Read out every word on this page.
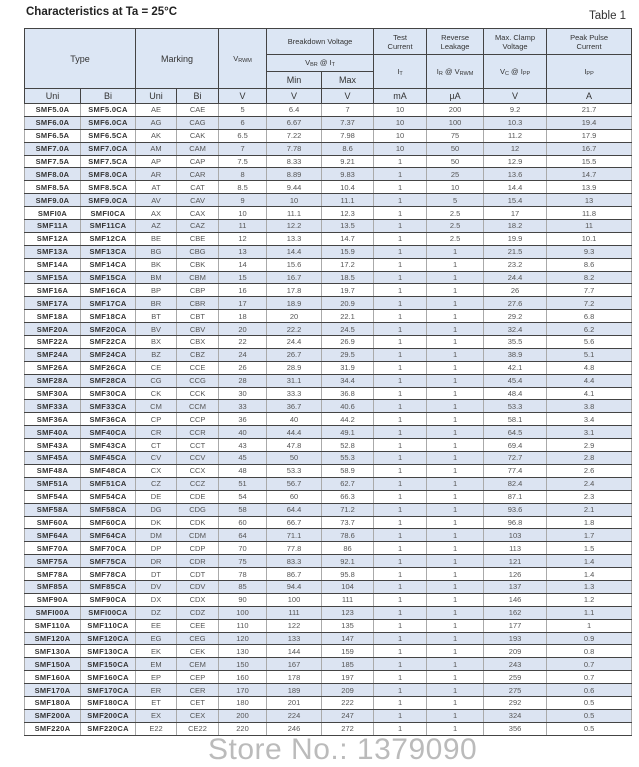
Characteristics at Ta = 25°C	Table 1
Type		Marking		$V_{RWM}$	Breakdown Voltage		Test Current	Reverse Leakage	Max. Clamp Voltage	Peak Pulse Current
					$V_{BR}$ @ $I_T$		$I_T$	$I_R$ @ $V_{RWM}$	$V_C$ @ $I_{PP}$	$I_{PP}$
					Min	Max				
Uni	Bi	Uni	Bi	V	V	V	mA	µA	V	A
SMF5.0A	SMF5.0CA	AE	CAE	5	6.4	7	10	200	9.2	21.7
SMF6.0A	SMF6.0CA	AG	CAG	6	6.67	7.37	10	100	10.3	19.4
SMF6.5A	SMF6.5CA	AK	CAK	6.5	7.22	7.98	10	75	11.2	17.9
SMF7.0A	SMF7.0CA	AM	CAM	7	7.78	8.6	10	50	12	16.7
SMF7.5A	SMF7.5CA	AP	CAP	7.5	8.33	9.21	1	50	12.9	15.5
SMF8.0A	SMF8.0CA	AR	CAR	8	8.89	9.83	1	25	13.6	14.7
SMF8.5A	SMF8.5CA	AT	CAT	8.5	9.44	10.4	1	10	14.4	13.9
SMF9.0A	SMF9.0CA	AV	CAV	9	10	11.1	1	5	15.4	13
SMFI0A	SMFI0CA	AX	CAX	10	11.1	12.3	1	2.5	17	11.8
SMF11A	SMF11CA	AZ	CAZ	11	12.2	13.5	1	2.5	18.2	11
SMF12A	SMF12CA	BE	CBE	12	13.3	14.7	1	2.5	19.9	10.1
SMF13A	SMF13CA	BG	CBG	13	14.4	15.9	1	1	21.5	9.3
SMF14A	SMF14CA	BK	CBK	14	15.6	17.2	1	1	23.2	8.6
SMF15A	SMF15CA	BM	CBM	15	16.7	18.5	1	1	24.4	8.2
SMF16A	SMF16CA	BP	CBP	16	17.8	19.7	1	1	26	7.7
SMF17A	SMF17CA	BR	CBR	17	18.9	20.9	1	1	27.6	7.2
SMF18A	SMF18CA	BT	CBT	18	20	22.1	1	1	29.2	6.8
SMF20A	SMF20CA	BV	CBV	20	22.2	24.5	1	1	32.4	6.2
SMF22A	SMF22CA	BX	CBX	22	24.4	26.9	1	1	35.5	5.6
SMF24A	SMF24CA	BZ	CBZ	24	26.7	29.5	1	1	38.9	5.1
SMF26A	SMF26CA	CE	CCE	26	28.9	31.9	1	1	42.1	4.8
SMF28A	SMF28CA	CG	CCG	28	31.1	34.4	1	1	45.4	4.4
SMF30A	SMF30CA	CK	CCK	30	33.3	36.8	1	1	48.4	4.1
SMF33A	SMF33CA	CM	CCM	33	36.7	40.6	1	1	53.3	3.8
SMF36A	SMF36CA	CP	CCP	36	40	44.2	1	1	58.1	3.4
SMF40A	SMF40CA	CR	CCR	40	44.4	49.1	1	1	64.5	3.1
SMF43A	SMF43CA	CT	CCT	43	47.8	52.8	1	1	69.4	2.9
SMF45A	SMF45CA	CV	CCV	45	50	55.3	1	1	72.7	2.8
SMF48A	SMF48CA	CX	CCX	48	53.3	58.9	1	1	77.4	2.6
SMF51A	SMF51CA	CZ	CCZ	51	56.7	62.7	1	1	82.4	2.4
SMF54A	SMF54CA	DE	CDE	54	60	66.3	1	1	87.1	2.3
SMF58A	SMF58CA	DG	CDG	58	64.4	71.2	1	1	93.6	2.1
SMF60A	SMF60CA	DK	CDK	60	66.7	73.7	1	1	96.8	1.8
SMF64A	SMF64CA	DM	CDM	64	71.1	78.6	1	1	103	1.7
SMF70A	SMF70CA	DP	CDP	70	77.8	86	1	1	113	1.5
SMF75A	SMF75CA	DR	CDR	75	83.3	92.1	1	1	121	1.4
SMF78A	SMF78CA	DT	CDT	78	86.7	95.8	1	1	126	1.4
SMF85A	SMF85CA	DV	CDV	85	94.4	104	1	1	137	1.3
SMF90A	SMF90CA	DX	CDX	90	100	111	1	1	146	1.2
SMFI00A	SMFI00CA	DZ	CDZ	100	111	123	1	1	162	1.1
SMF110A	SMF110CA	EE	CEE	110	122	135	1	1	177	1
SMF120A	SMF120CA	EG	CEG	120	133	147	1	1	193	0.9
SMF130A	SMF130CA	EK	CEK	130	144	159	1	1	209	0.8
SMF150A	SMF150CA	EM	CEM	150	167	185	1	1	243	0.7
SMF160A	SMF160CA	EP	CEP	160	178	197	1	1	259	0.7
SMF170A	SMF170CA	ER	CER	170	189	209	1	1	275	0.6
SMF180A	SMF180CA	ET	CET	180	201	222	1	1	292	0.5
SMF200A	SMF200CA	EX	CEX	200	224	247	1	1	324	0.5
SMF220A	SMF220CA	E22	CE22	220	246	272	1	1	356	0.5
Store No.: 1379090
